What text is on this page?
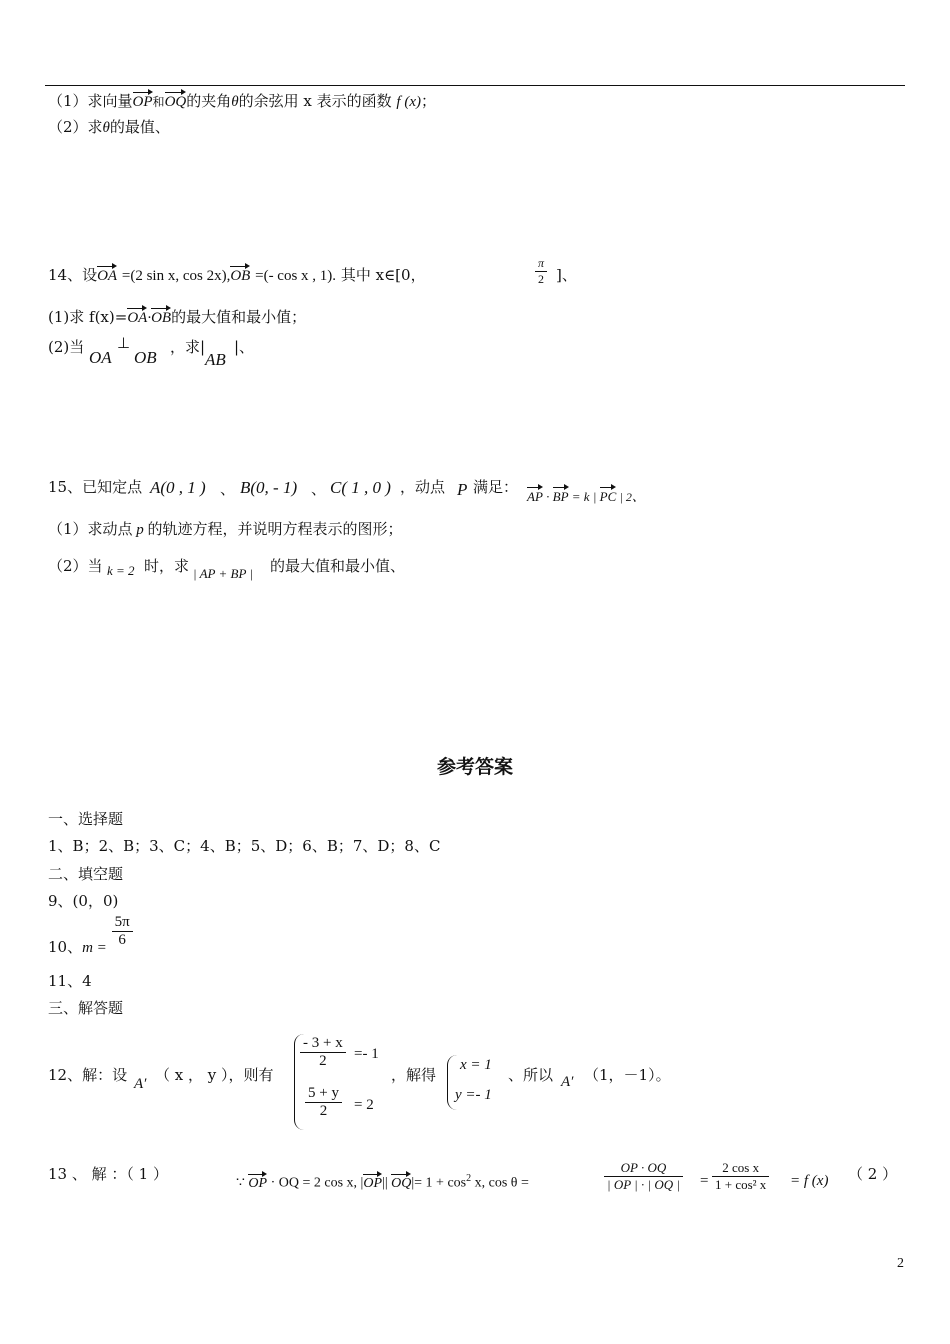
（1）求向量OP和OQ的夹角θ的余弦用 x 表示的函数 f (x)；
（2）求θ的最值、
14、设OA =(2 sin x, cos 2x),OB =(- cos x , 1). 其中 x∈[0，	$\frac{\pi}{2}$ ]、
(1)求 f(x)=OA·OB的最大值和最小值；
(2)当
OA
⊥
OB
，求|
AB
|、
15、已知定点 A(0 , 1 ) 、 B(0, - 1) 、 C( 1 , 0 ) ，动点 P 满足：
AP · BP = k | PC | 2、
（1）求动点 p 的轨迹方程，并说明方程表示的图形；
（2）当 k = 2 时，求 | AP + BP | 的最大值和最小值、
参考答案
一、选择题
1、B；2、B；3、C；4、B；5、D；6、B；7、D；8、C
二、填空题
9、(0，0)
10、$m = \frac{5\pi}{6}$
11、4
三、解答题
12、解：设 A′ （ x ， y ），则有
$\frac{- 3 + x}{2} =- 1$
$\frac{5 + y}{2} = 2$
，解得
x = 1
y =- 1
、所以 A′ （1，－1）。
13 、 解 ：（ 1 ）
∵ OP · OQ = 2 cos x, |OP|| $OQ|= 1 + \cos^2 x$, cos θ =	$\frac{OP \cdot OQ}{| OP | \cdot | OQ |} = \frac{\text{2 cos x}}{\text{1 + cos² x}} = f$ (x) （ 2 ）
2
